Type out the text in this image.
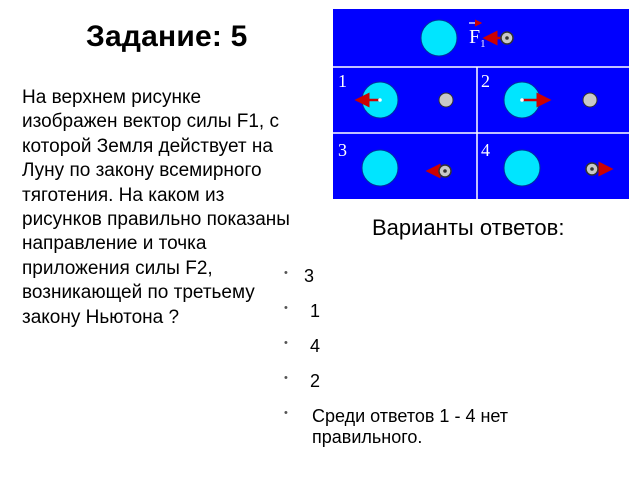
Задание: 5
На верхнем рисунке изображен вектор силы F1, с которой Земля действует на Луну по закону всемирного тяготения. На каком из рисунков правильно показаны направление и точка приложения силы F2, возникающей по третьему закону Ньютона ?
$F_1$
1	2
3	4
Варианты ответов:
• 3
• 1
• 4
• 2
• Среди ответов 1 - 4 нет правильного.
